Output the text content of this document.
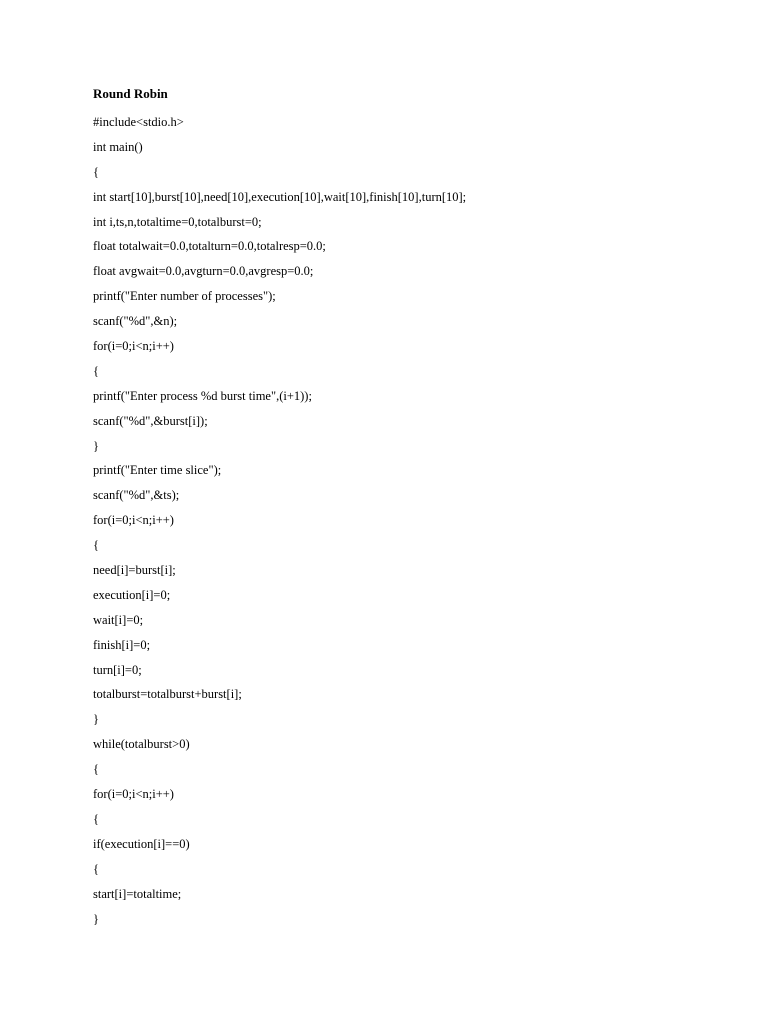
Round Robin
#include<stdio.h>
int main()
{
int start[10],burst[10],need[10],execution[10],wait[10],finish[10],turn[10];
int i,ts,n,totaltime=0,totalburst=0;
float totalwait=0.0,totalturn=0.0,totalresp=0.0;
float avgwait=0.0,avgturn=0.0,avgresp=0.0;
printf("Enter number of processes");
scanf("%d",&n);
for(i=0;i<n;i++)
{
printf("Enter process %d burst time",(i+1));
scanf("%d",&burst[i]);
}
printf("Enter time slice");
scanf("%d",&ts);
for(i=0;i<n;i++)
{
need[i]=burst[i];
execution[i]=0;
wait[i]=0;
finish[i]=0;
turn[i]=0;
totalburst=totalburst+burst[i];
}
while(totalburst>0)
{
for(i=0;i<n;i++)
{
if(execution[i]==0)
{
start[i]=totaltime;
}
